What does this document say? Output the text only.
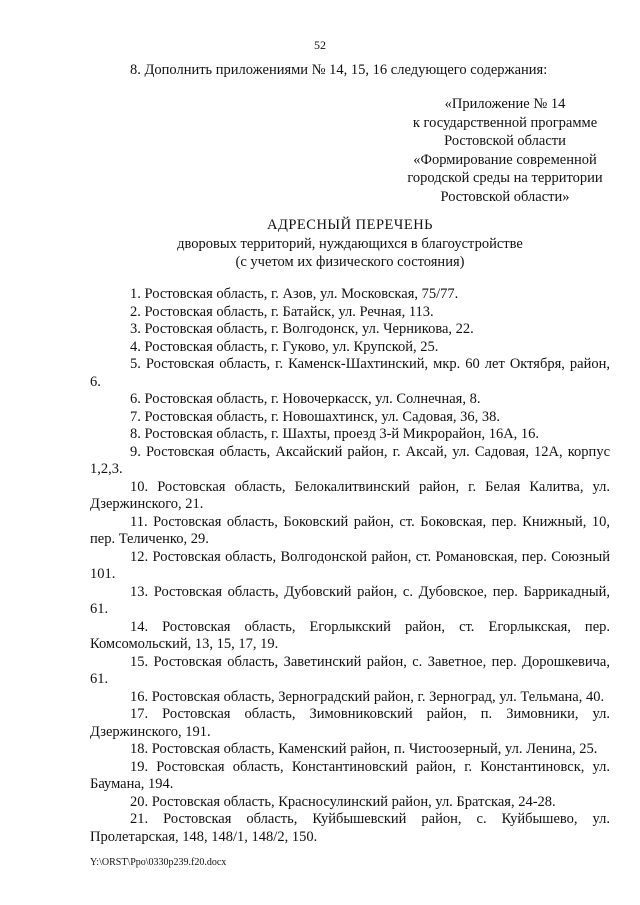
52
8. Дополнить приложениями № 14, 15, 16 следующего содержания:
«Приложение № 14
к государственной программе
Ростовской области
«Формирование современной
городской среды на территории
Ростовской области»
АДРЕСНЫЙ ПЕРЕЧЕНЬ
дворовых территорий, нуждающихся в благоустройстве
(с учетом их физического состояния)

1. Ростовская область, г. Азов, ул. Московская, 75/77.

2. Ростовская область, г. Батайск, ул. Речная, 113.

3. Ростовская область, г. Волгодонск, ул. Черникова, 22.

4. Ростовская область, г. Гуково, ул. Крупской, 25.

5. Ростовская область, г. Каменск-Шахтинский, мкр. 60 лет Октября, район, 6.

6. Ростовская область, г. Новочеркасск, ул. Солнечная, 8.

7. Ростовская область, г. Новошахтинск, ул. Садовая, 36, 38.

8. Ростовская область, г. Шахты, проезд 3-й Микрорайон, 16А, 16.

9. Ростовская область, Аксайский район, г. Аксай, ул. Садовая, 12А, корпус 1,2,3.

10. Ростовская область, Белокалитвинский район, г. Белая Калитва, ул. Дзержинского, 21.

11. Ростовская область, Боковский район, ст. Боковская, пер. Книжный, 10, пер. Теличенко, 29.

12. Ростовская область, Волгодонской район, ст. Романовская, пер. Союзный 101.

13. Ростовская область, Дубовский район, с. Дубовское, пер. Баррикадный, 61.

14. Ростовская область, Егорлыкский район, ст. Егорлыкская, пер. Комсомольский, 13, 15, 17, 19.

15. Ростовская область, Заветинский район, с. Заветное, пер. Дорошкевича, 61.

16. Ростовская область, Зерноградский район, г. Зерноград, ул. Тельмана, 40.

17. Ростовская область, Зимовниковский район, п. Зимовники, ул. Дзержинского, 191.

18. Ростовская область, Каменский район, п. Чистоозерный, ул. Ленина, 25.

19. Ростовская область, Константиновский район, г. Константиновск, ул. Баумана, 194.

20. Ростовская область, Красносулинский район, ул. Братская, 24-28.

21. Ростовская область, Куйбышевский район, с. Куйбышево, ул. Пролетарская, 148, 148/1, 148/2, 150.

Y:\ORST\Ppo\0330p239.f20.docx
